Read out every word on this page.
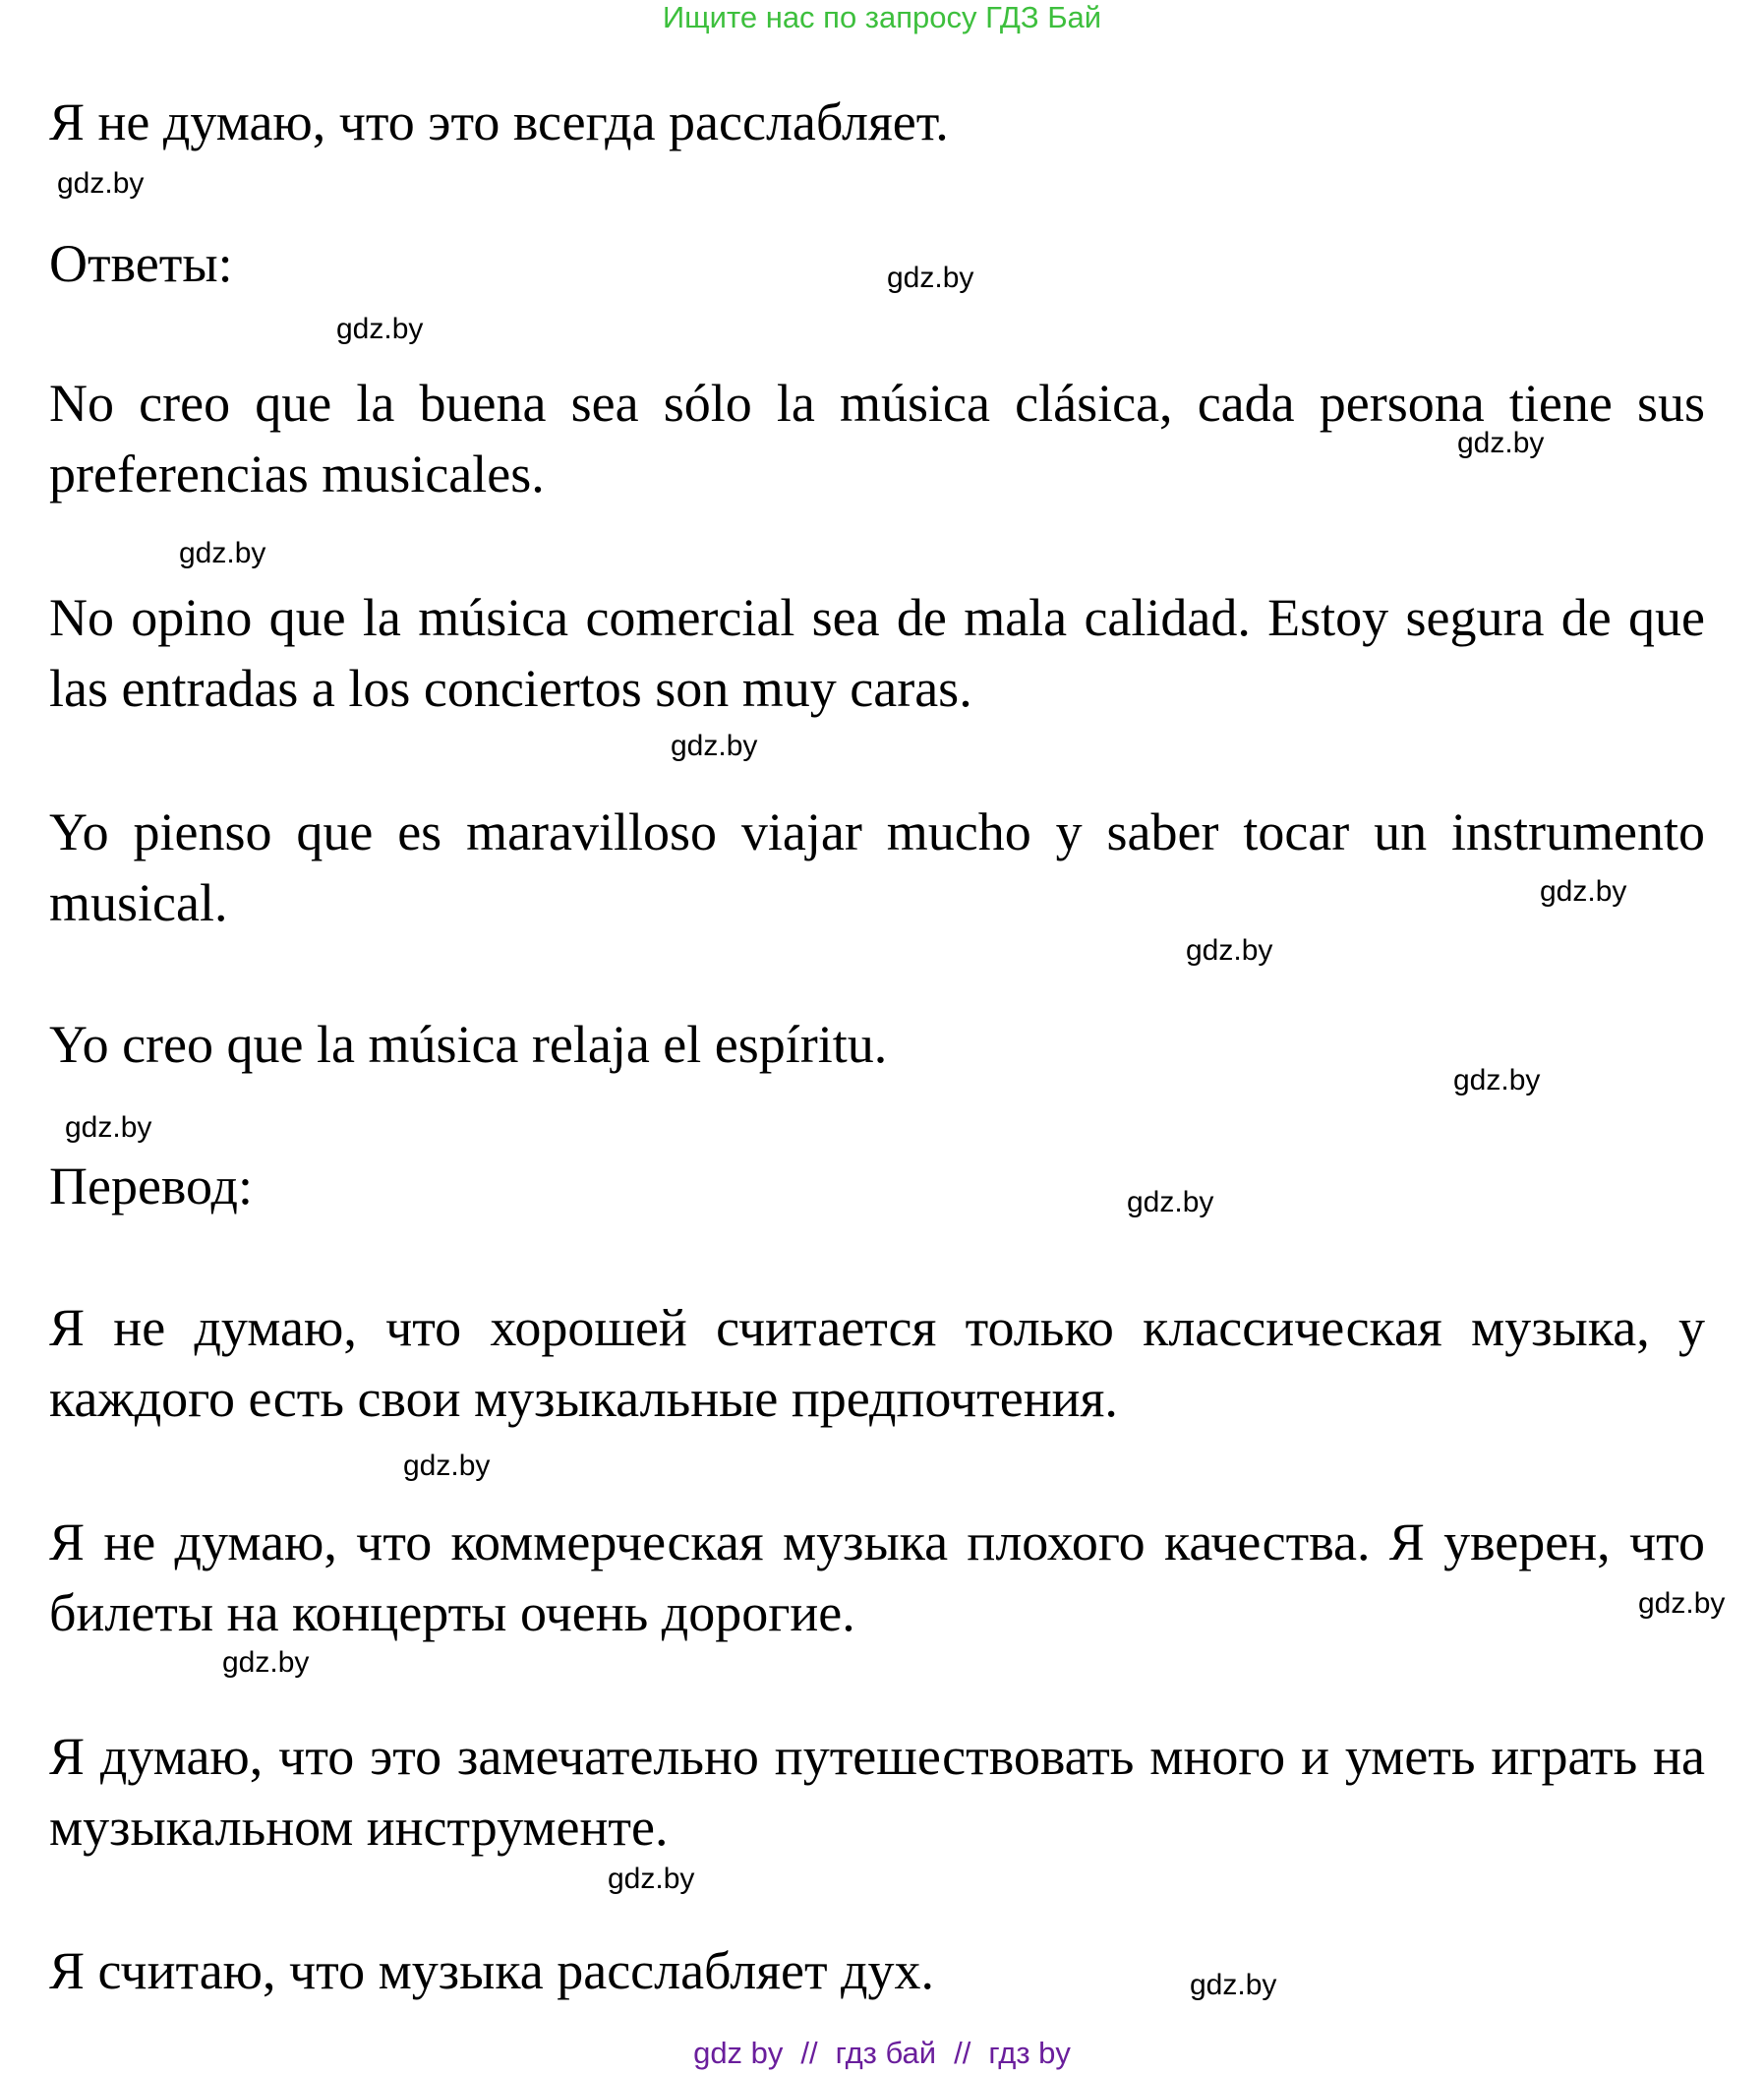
Ищите нас по запросу ГДЗ Бай

Я не думаю, что это всегда расслабляет.

gdz.by

Ответы:	gdz.by
gdz.by

No creo que la buena sea sólo la música clásica, cada persona tiene sus preferencias musicales.

gdz.by
gdz.by

No opino que la música comercial sea de mala calidad. Estoy segura de que las entradas a los conciertos son muy caras.

gdz.by

Yo pienso que es maravilloso viajar mucho y saber tocar un instrumento musical.	gdz.by
gdz.by

Yo creo que la música relaja el espíritu.

gdz.by
gdz.by

Перевод:	gdz.by

Я не думаю, что хорошей считается только классическая музыка, у каждого есть свои музыкальные предпочтения.

gdz.by

Я не думаю, что коммерческая музыка плохого качества. Я уверен, что билеты на концерты очень дорогие.	gdz.by
gdz.by

Я думаю, что это замечательно путешествовать много и уметь играть на музыкальном инструменте.

gdz.by

Я считаю, что музыка расслабляет дух.	gdz.by
gdz by // гдз бай // гдз by
